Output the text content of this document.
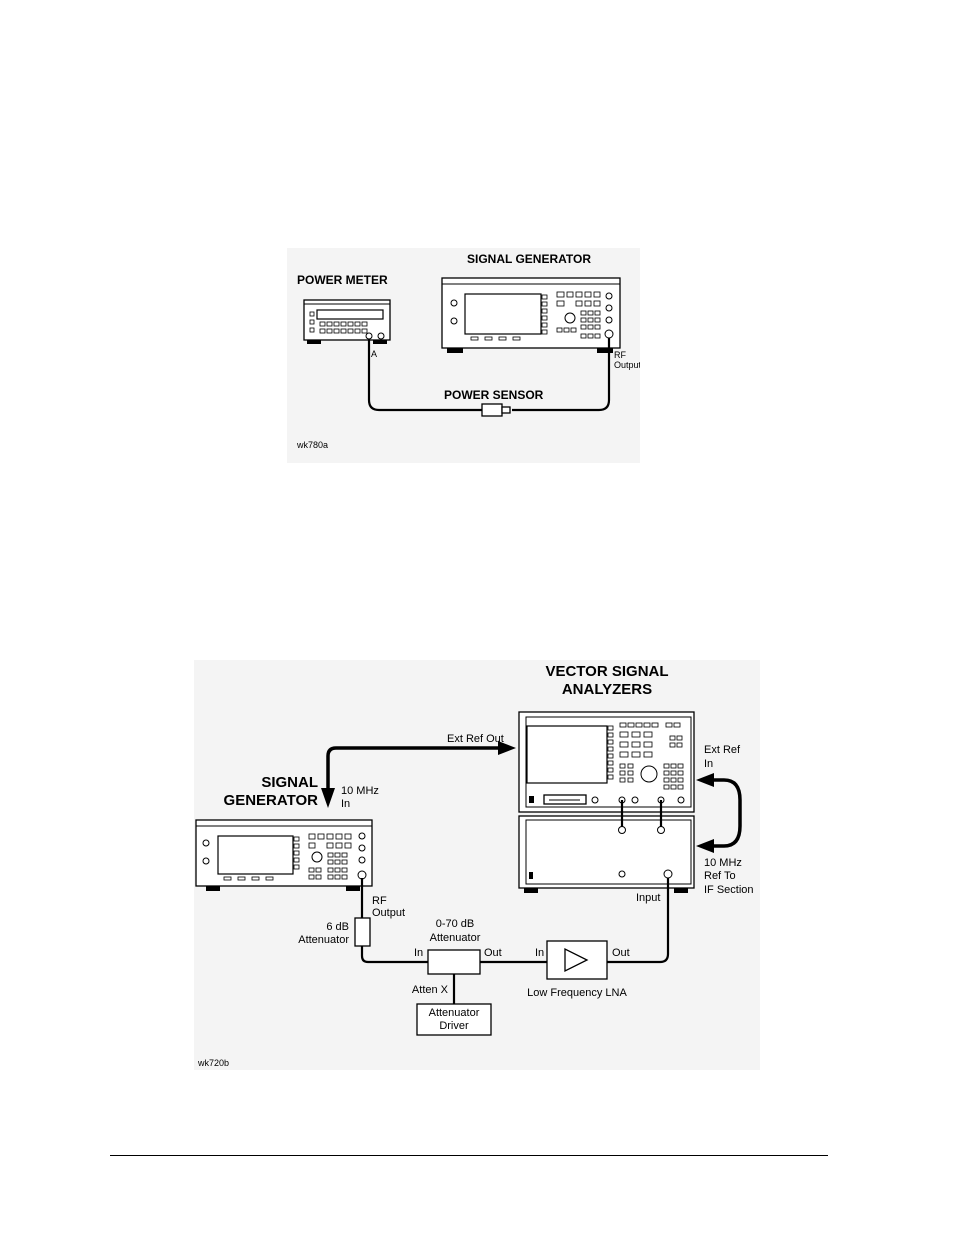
POWER METER
SIGNAL GENERATOR
A	RF
Output
POWER SENSOR
wk780a
VECTOR SIGNAL
ANALYZERS
Ext Ref Out
Ext Ref
In
10 MHz
Ref To
IF Section
SIGNAL
GENERATOR
10 MHz
In
RF
Output
6 dB
Attenuator
0-70 dB
Attenuator
In	Out	In	Out
Low Frequency LNA
Input
Atten X
Attenuator
Driver
wk720b
